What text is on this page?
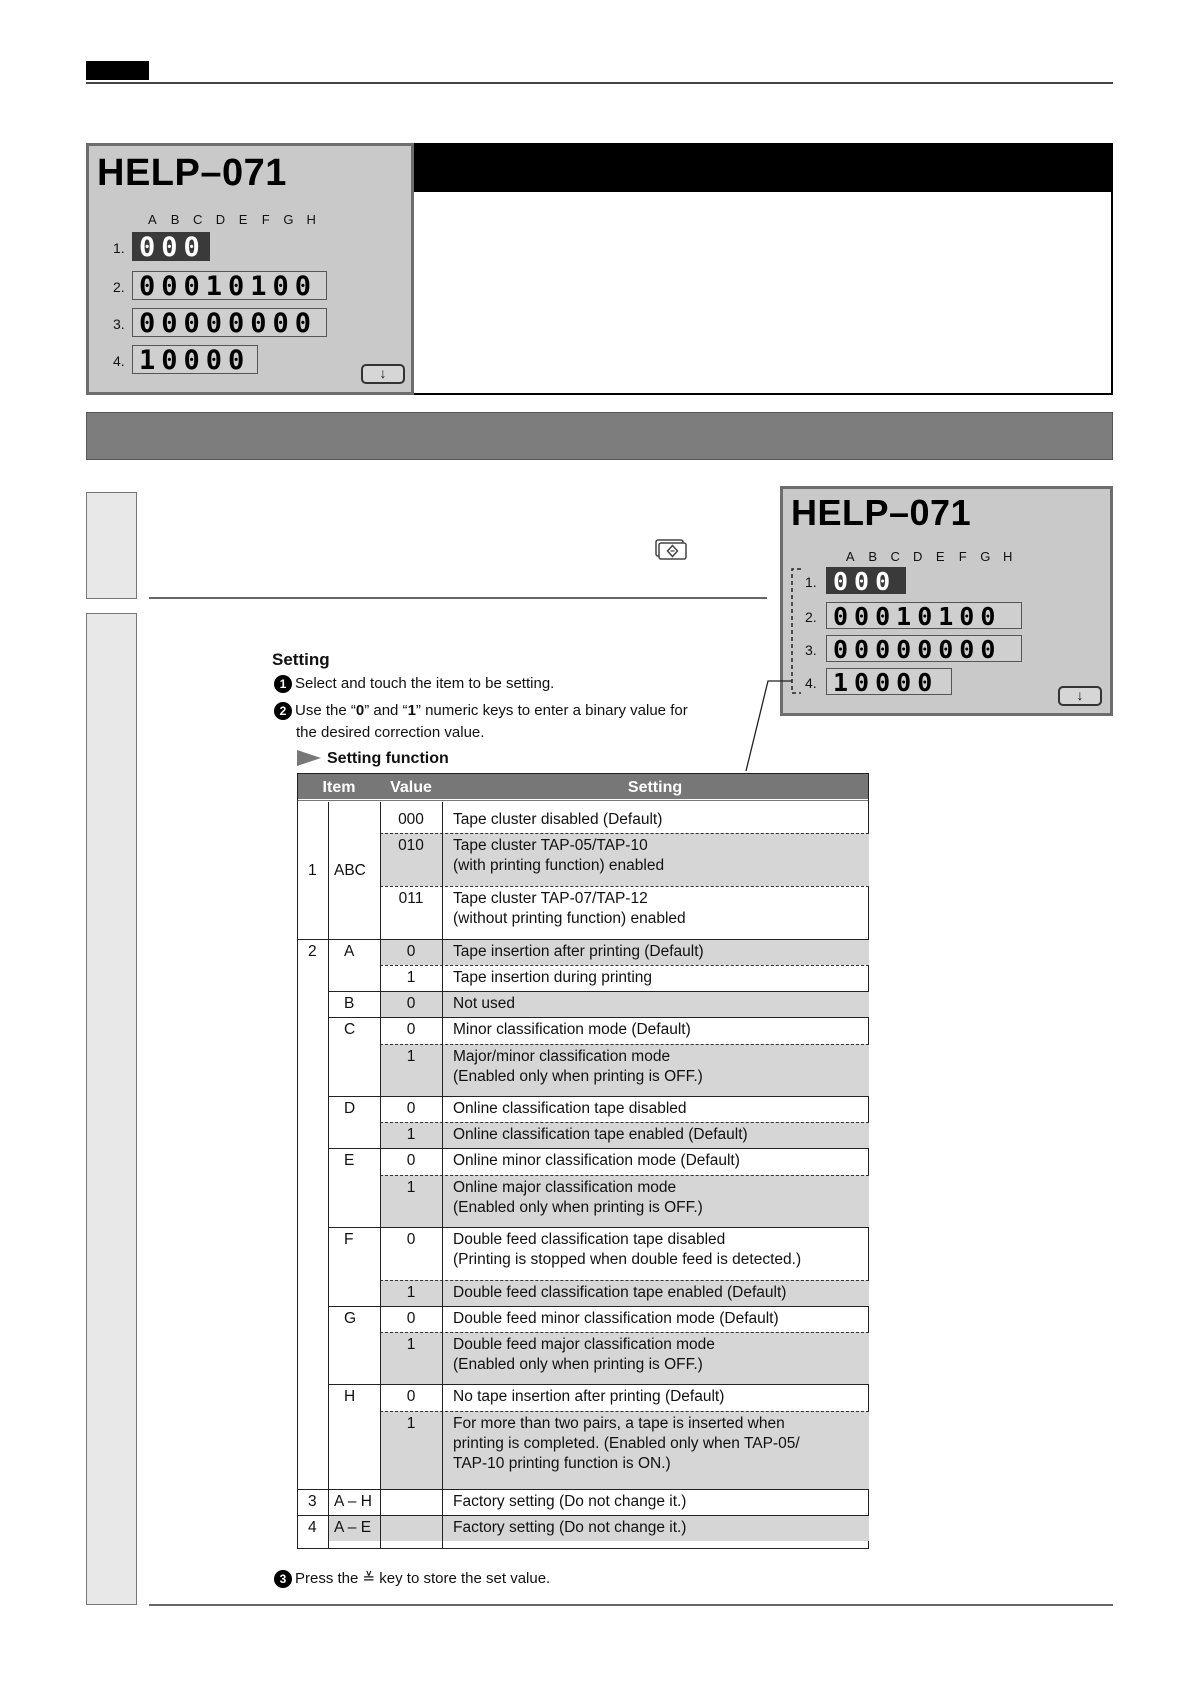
HELP–071
A B C D E F G H
1. 000
2. 00010100
3. 00000000
4. 10000	↓
HELP–071
A B C D E F G H
1. 000
2. 00010100
3. 00000000
4. 10000	↓
Setting
1 Select and touch the item to be setting.
2 Use the “0” and “1” numeric keys to enter a binary value for
the desired correction value.
Setting function
Item	Value	Setting
1 ABC
000	Tape cluster disabled (Default)
010	Tape cluster TAP-05/TAP-10
(with printing function) enabled
011	Tape cluster TAP-07/TAP-12
(without printing function) enabled
2 A	0	Tape insertion after printing (Default)
1	Tape insertion during printing
B	0	Not used
C	0	Minor classification mode (Default)
1	Major/minor classification mode
(Enabled only when printing is OFF.)
D	0	Online classification tape disabled
1	Online classification tape enabled (Default)
E	0	Online minor classification mode (Default)
1	Online major classification mode
(Enabled only when printing is OFF.)
F	0	Double feed classification tape disabled
(Printing is stopped when double feed is detected.)
1	Double feed classification tape enabled (Default)
G	0	Double feed minor classification mode (Default)
1	Double feed major classification mode
(Enabled only when printing is OFF.)
H	0	No tape insertion after printing (Default)
1	For more than two pairs, a tape is inserted when
printing is completed. (Enabled only when TAP-05/
TAP-10 printing function is ON.)
3 A – H	Factory setting (Do not change it.)
4 A – E	Factory setting (Do not change it.)
3 Press the ≚ key to store the set value.
